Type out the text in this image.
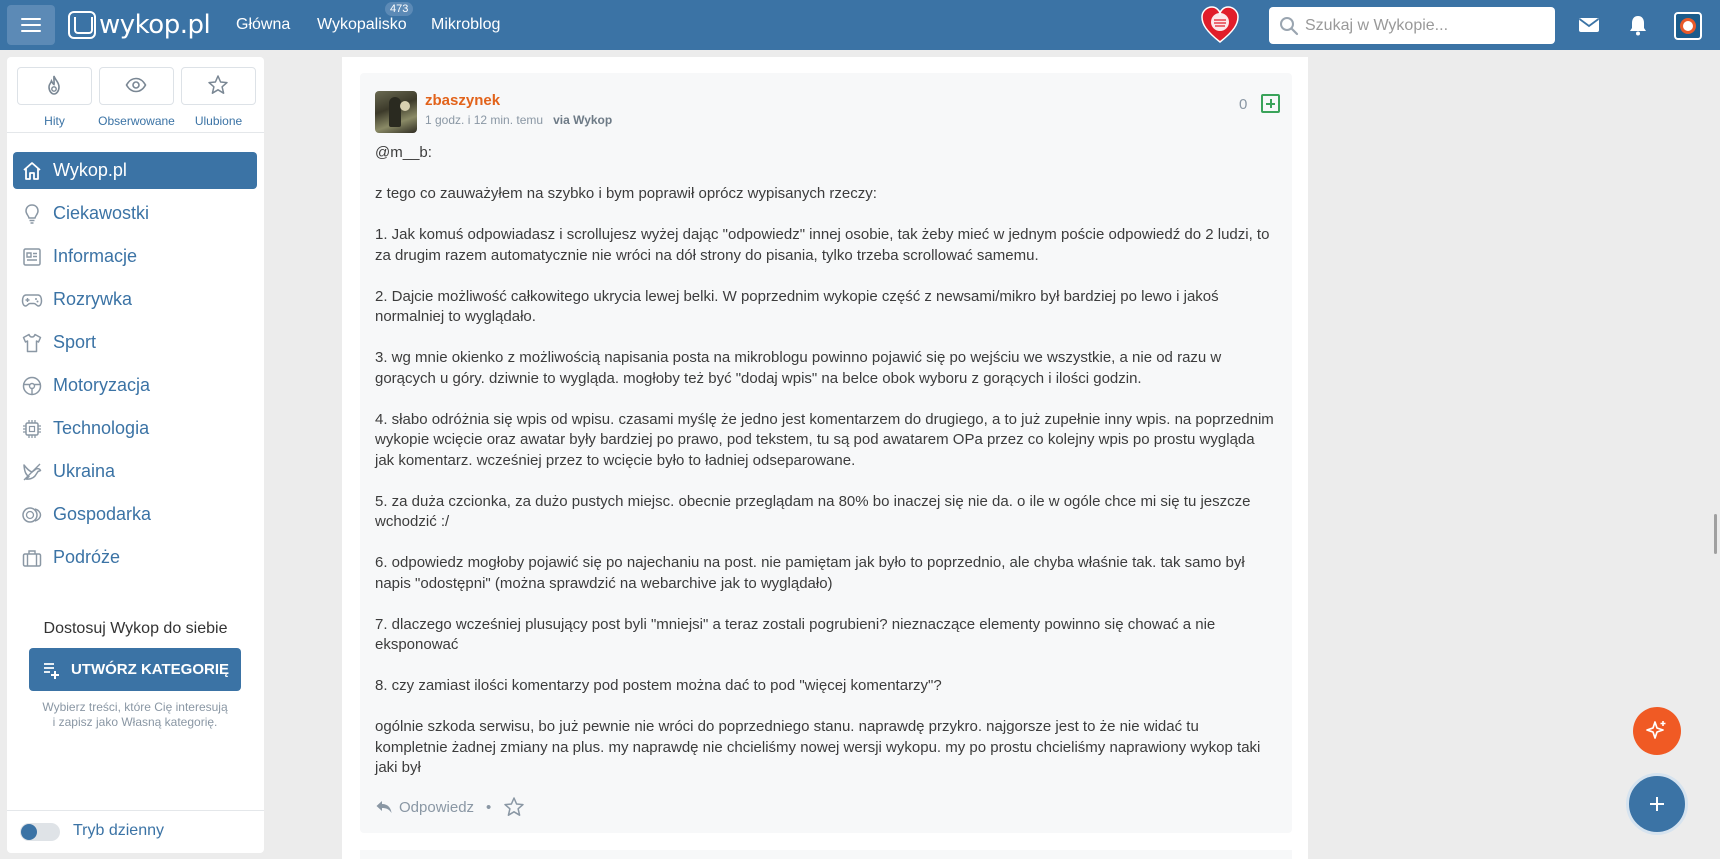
wykop.pl Główna Wykopalisko
473
Mikroblog
Szukaj w Wykopie...
Hity	Obserwowane	Ulubione
Wykop.pl
Ciekawostki
Informacje
Rozrywka
Sport
Motoryzacja
Technologia
Ukraina
Gospodarka
Podróże
Dostosuj Wykop do siebie
UTWÓRZ KATEGORIĘ
Wybierz treści, które Cię interesują
i zapisz jako Własną kategorię.
Tryb dzienny
zbaszynek
1 godz. i 12 min. temu via Wykop
0
@m__b:
z tego co zauważyłem na szybko i bym poprawił oprócz wypisanych rzeczy:
1. Jak komuś odpowiadasz i scrollujesz wyżej dając "odpowiedz" innej osobie, tak żeby mieć w jednym poście odpowiedź do 2 ludzi, to za drugim razem automatycznie nie wróci na dół strony do pisania, tylko trzeba scrollować samemu.
2. Dajcie możliwość całkowitego ukrycia lewej belki. W poprzednim wykopie część z newsami/mikro był bardziej po lewo i jakoś normalniej to wyglądało.
3. wg mnie okienko z możliwością napisania posta na mikroblogu powinno pojawić się po wejściu we wszystkie, a nie od razu w gorących u góry. dziwnie to wygląda. mogłoby też być "dodaj wpis" na belce obok wyboru z gorących i ilości godzin.
4. słabo odróżnia się wpis od wpisu. czasami myślę że jedno jest komentarzem do drugiego, a to już zupełnie inny wpis. na poprzednim wykopie wcięcie oraz awatar były bardziej po prawo, pod tekstem, tu są pod awatarem OPa przez co kolejny wpis po prostu wygląda jak komentarz. wcześniej przez to wcięcie było to ładniej odseparowane.
5. za duża czcionka, za dużo pustych miejsc. obecnie przeglądam na 80% bo inaczej się nie da. o ile w ogóle chce mi się tu jeszcze wchodzić :/
6. odpowiedz mogłoby pojawić się po najechaniu na post. nie pamiętam jak było to poprzednio, ale chyba właśnie tak. tak samo był napis "odostępni" (można sprawdzić na webarchive jak to wyglądało)
7. dlaczego wcześniej plusujący post byli "mniejsi" a teraz zostali pogrubieni? nieznaczące elementy powinno się chować a nie eksponować
8. czy zamiast ilości komentarzy pod postem można dać to pod "więcej komentarzy"?
ogólnie szkoda serwisu, bo już pewnie nie wróci do poprzedniego stanu. naprawdę przykro. najgorsze jest to że nie widać tu kompletnie żadnej zmiany na plus. my naprawdę nie chcieliśmy nowej wersji wykopu. my po prostu chcieliśmy naprawiony wykop taki jaki był
Odpowiedz •
